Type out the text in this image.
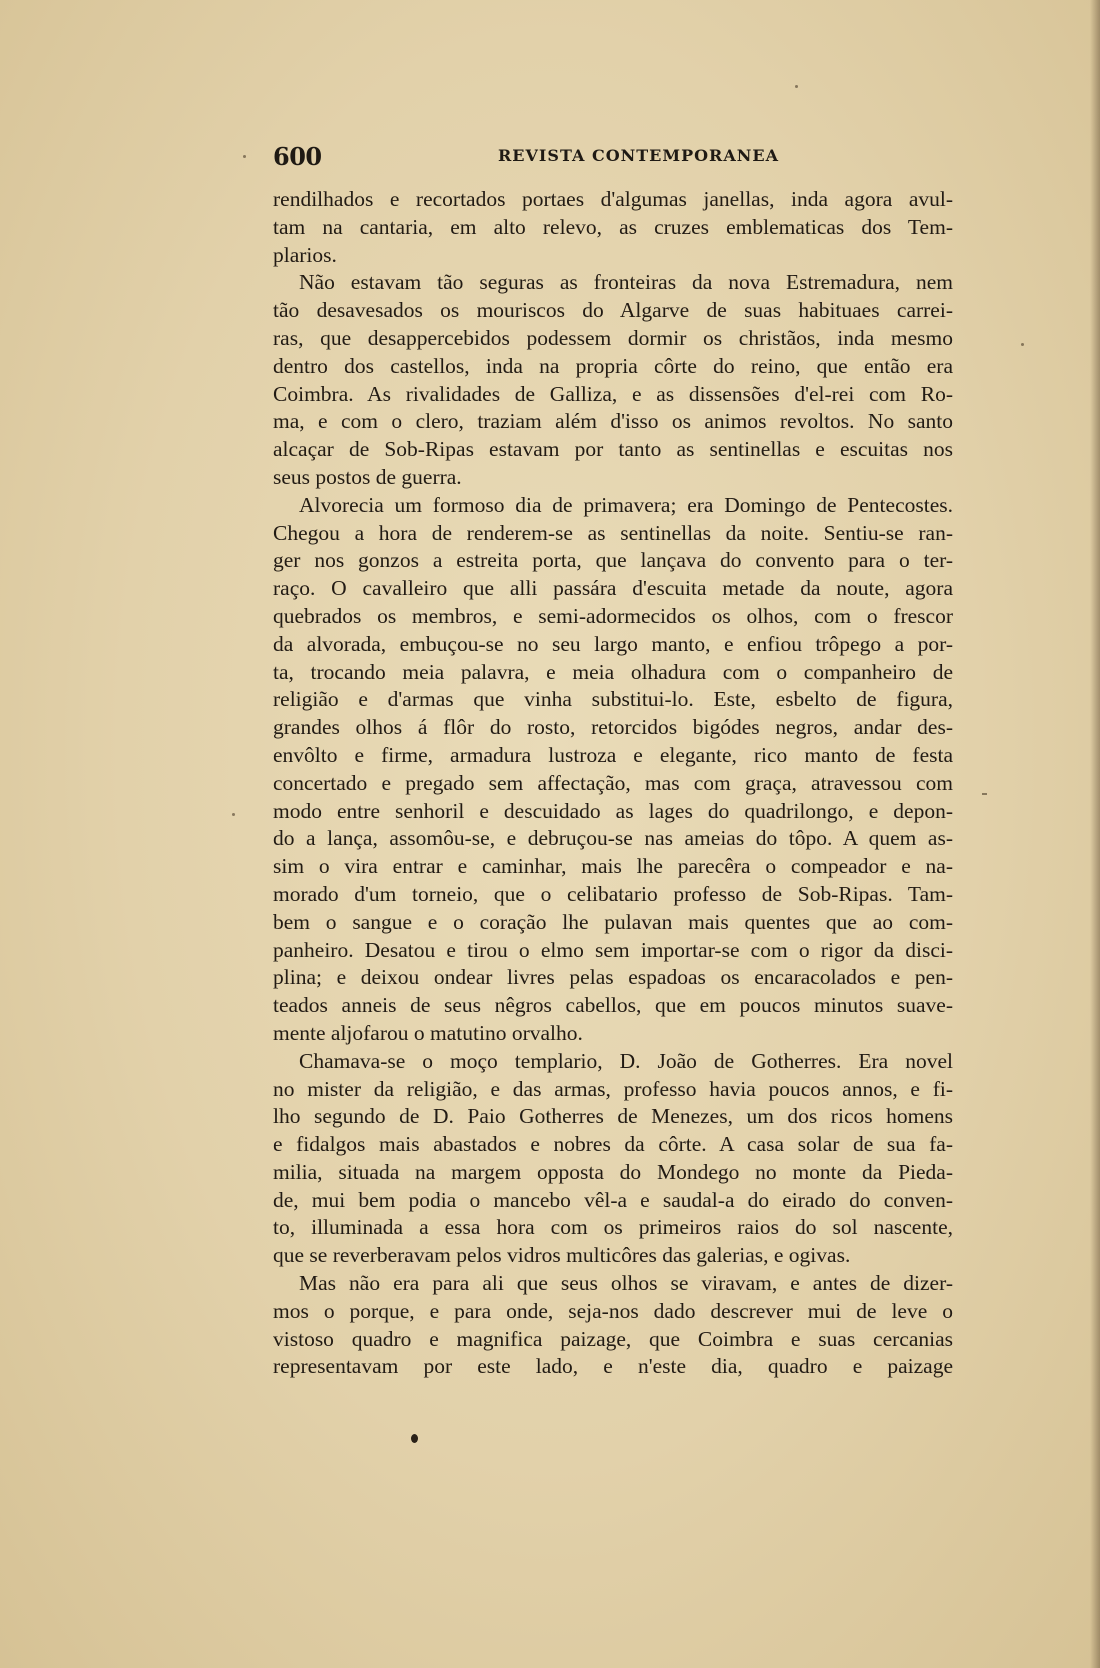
600	REVISTA CONTEMPORANEA

rendilhados e recortados portaes d'algumas janellas, inda agora avul-
tam na cantaria, em alto relevo, as cruzes emblematicas dos Tem-
plarios.

Não estavam tão seguras as fronteiras da nova Estremadura, nem
tão desavesados os mouriscos do Algarve de suas habituaes carrei-
ras, que desappercebidos podessem dormir os christãos, inda mesmo
dentro dos castellos, inda na propria côrte do reino, que então era
Coimbra. As rivalidades de Galliza, e as dissensões d'el-rei com Ro-
ma, e com o clero, traziam além d'isso os animos revoltos. No santo
alcaçar de Sob-Ripas estavam por tanto as sentinellas e escuitas nos
seus postos de guerra.

Alvorecia um formoso dia de primavera; era Domingo de Pentecostes.
Chegou a hora de renderem-se as sentinellas da noite. Sentiu-se ran-
ger nos gonzos a estreita porta, que lançava do convento para o ter-
raço. O cavalleiro que alli passára d'escuita metade da noute, agora
quebrados os membros, e semi-adormecidos os olhos, com o frescor
da alvorada, embuçou-se no seu largo manto, e enfiou trôpego a por-
ta, trocando meia palavra, e meia olhadura com o companheiro de
religião e d'armas que vinha substitui-lo. Este, esbelto de figura,
grandes olhos á flôr do rosto, retorcidos bigódes negros, andar des-
envôlto e firme, armadura lustroza e elegante, rico manto de festa
concertado e pregado sem affectação, mas com graça, atravessou com
modo entre senhoril e descuidado as lages do quadrilongo, e depon-
do a lança, assomôu-se, e debruçou-se nas ameias do tôpo. A quem as-
sim o vira entrar e caminhar, mais lhe parecêra o compeador e na-
morado d'um torneio, que o celibatario professo de Sob-Ripas. Tam-
bem o sangue e o coração lhe pulavan mais quentes que ao com-
panheiro. Desatou e tirou o elmo sem importar-se com o rigor da disci-
plina; e deixou ondear livres pelas espadoas os encaracolados e pen-
teados anneis de seus nêgros cabellos, que em poucos minutos suave-
mente aljofarou o matutino orvalho.

Chamava-se o moço templario, D. João de Gotherres. Era novel
no mister da religião, e das armas, professo havia poucos annos, e fi-
lho segundo de D. Paio Gotherres de Menezes, um dos ricos homens
e fidalgos mais abastados e nobres da côrte. A casa solar de sua fa-
milia, situada na margem opposta do Mondego no monte da Pieda-
de, mui bem podia o mancebo vêl-a e saudal-a do eirado do conven-
to, illuminada a essa hora com os primeiros raios do sol nascente,
que se reverberavam pelos vidros multicôres das galerias, e ogivas.

Mas não era para ali que seus olhos se viravam, e antes de dizer-
mos o porque, e para onde, seja-nos dado descrever mui de leve o
vistoso quadro e magnifica paizage, que Coimbra e suas cercanias
representavam por este lado, e n'este dia, quadro e paizage
